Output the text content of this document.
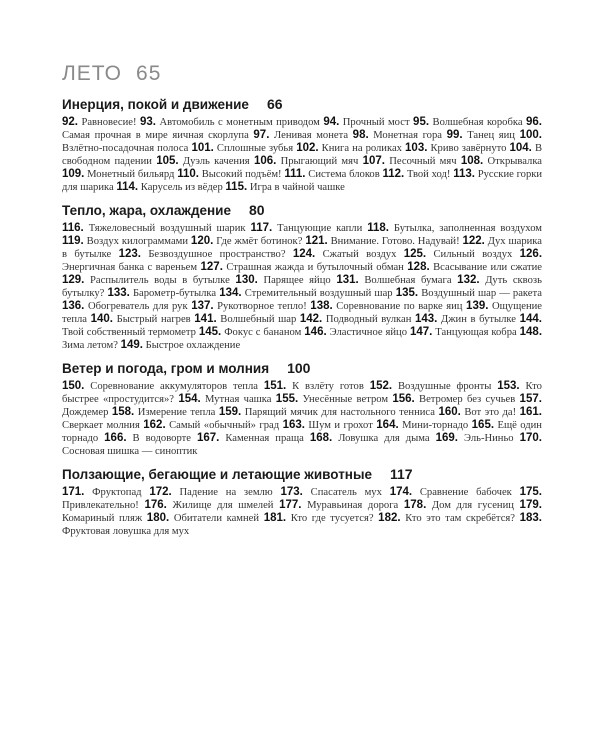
ЛЕТО 65
Инерция, покой и движение 66

92. Равновесие! 93. Автомобиль с монетным приводом 94. Прочный мост 95. Волшебная коробка 96. Самая прочная в мире яичная скорлупа 97. Ленивая монета 98. Монетная гора 99. Танец яиц 100. Взлётно-посадочная полоса 101. Сплошные зубья 102. Книга на роликах 103. Криво завёрнуто 104. В свободном падении 105. Дуэль качения 106. Прыгающий мяч 107. Песочный мяч 108. Открывалка 109. Монетный бильярд 110. Высокий подъём! 111. Система блоков 112. Твой ход! 113. Русские горки для шарика 114. Карусель из вёдер 115. Игра в чайной чашке

Тепло, жара, охлаждение 80

116. Тяжеловесный воздушный шарик 117. Танцующие капли 118. Бутылка, заполненная воздухом 119. Воздух килограммами 120. Где жмёт ботинок? 121. Внимание. Готово. Надувай! 122. Дух шарика в бутылке 123. Безвоздушное пространство? 124. Сжатый воздух 125. Сильный воздух 126. Энергичная банка с вареньем 127. Страшная жажда и бутылочный обман 128. Всасывание или сжатие 129. Распылитель воды в бутылке 130. Парящее яйцо 131. Волшебная бумага 132. Дуть сквозь бутылку? 133. Барометр-бутылка 134. Стремительный воздушный шар 135. Воздушный шар — ракета 136. Обогреватель для рук 137. Рукотворное тепло! 138. Соревнование по варке яиц 139. Ощущение тепла 140. Быстрый нагрев 141. Волшебный шар 142. Подводный вулкан 143. Джин в бутылке 144. Твой собственный термометр 145. Фокус с бананом 146. Эластичное яйцо 147. Танцующая кобра 148. Зима летом? 149. Быстрое охлаждение

Ветер и погода, гром и молния 100

150. Соревнование аккумуляторов тепла 151. К взлёту готов 152. Воздушные фронты 153. Кто быстрее «простудится»? 154. Мутная чашка 155. Унесённые ветром 156. Ветромер без сучьев 157. Дождемер 158. Измерение тепла 159. Парящий мячик для настольного тенниса 160. Вот это да! 161. Сверкает молния 162. Самый «обычный» град 163. Шум и грохот 164. Мини-торнадо 165. Ещё один торнадо 166. В водоворте 167. Каменная праща 168. Ловушка для дыма 169. Эль-Ниньо 170. Сосновая шишка — синоптик

Ползающие, бегающие и летающие животные 117

171. Фруктопад 172. Падение на землю 173. Спасатель мух 174. Сравнение бабочек 175. Привлекательно! 176. Жилище для шмелей 177. Муравьиная дорога 178. Дом для гусениц 179. Комариный пляж 180. Обитатели камней 181. Кто где тусуется? 182. Кто это там скребётся? 183. Фруктовая ловушка для мух
